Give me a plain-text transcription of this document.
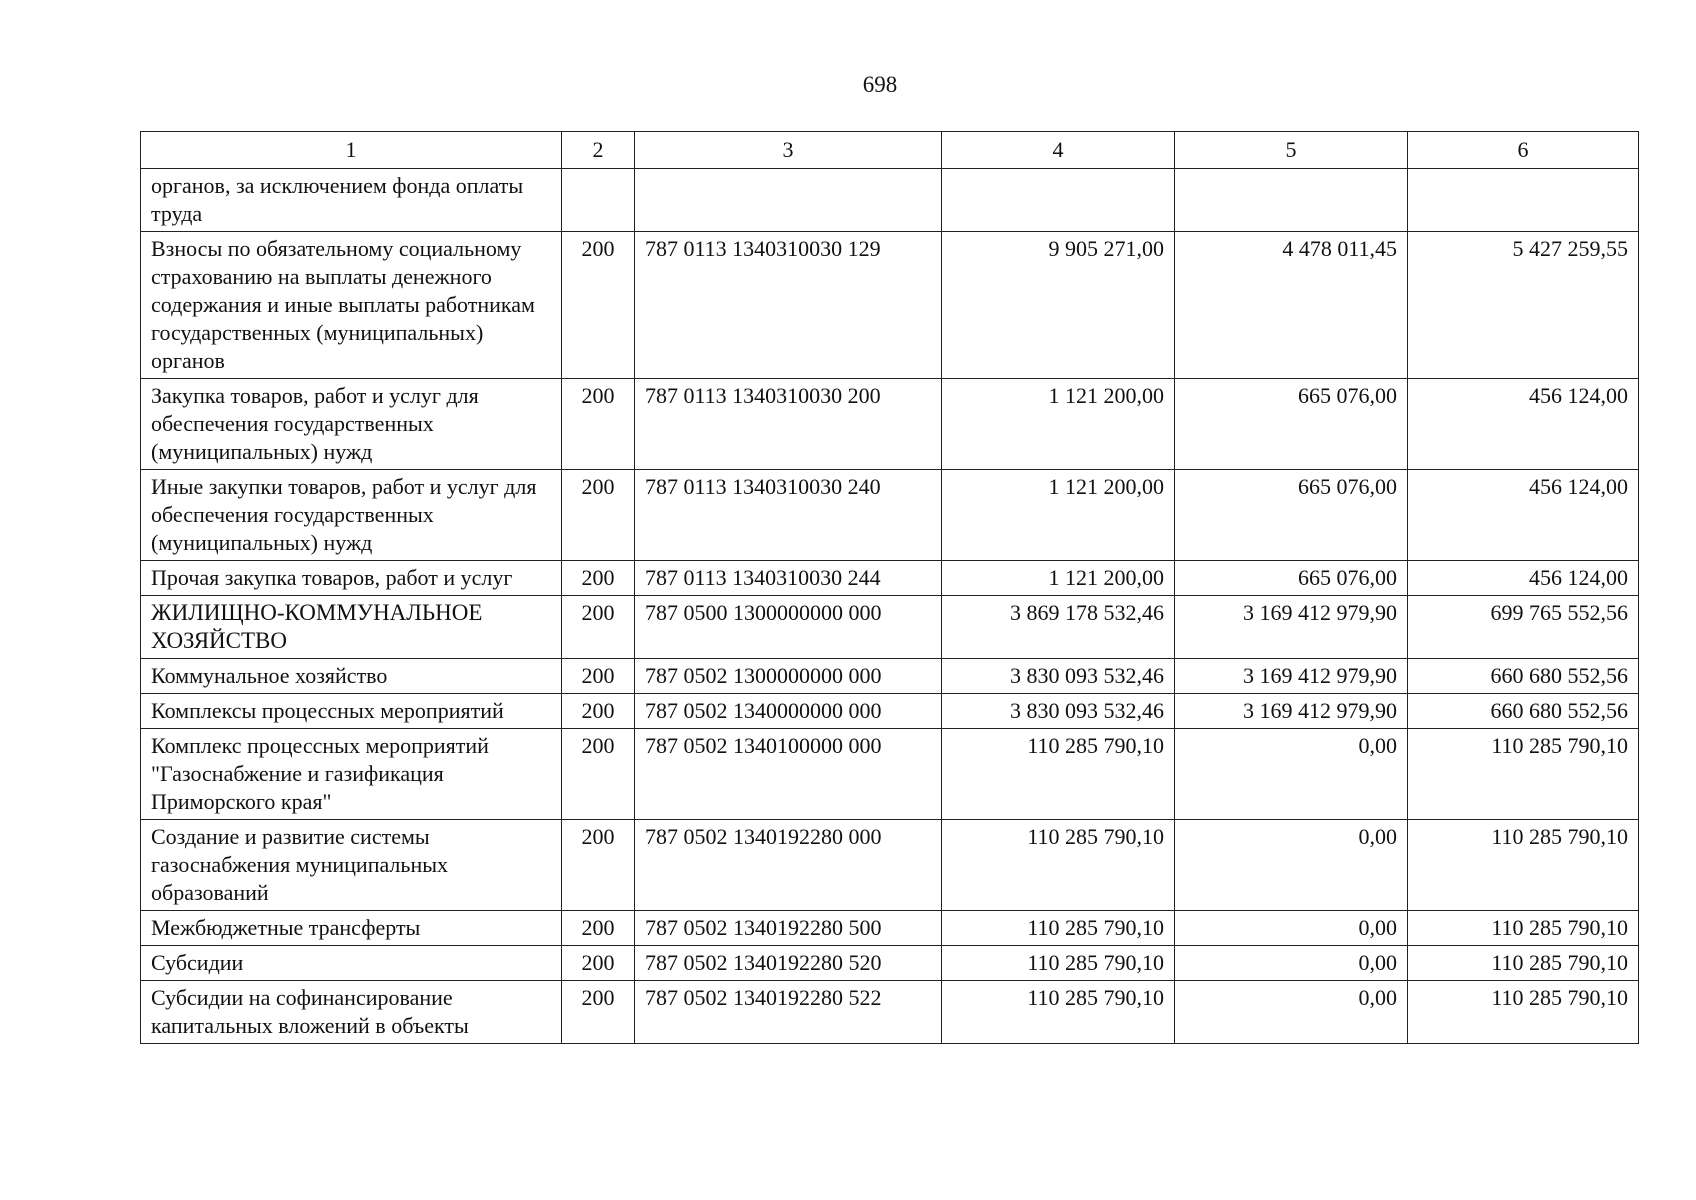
698
1	2	3	4	5	6
органов, за исключением фонда оплаты труда					
Взносы по обязательному социальному страхованию на выплаты денежного содержания и иные выплаты работникам государственных (муниципальных) органов	200	787 0113 1340310030 129	9 905 271,00	4 478 011,45	5 427 259,55
Закупка товаров, работ и услуг для обеспечения государственных (муниципальных) нужд	200	787 0113 1340310030 200	1 121 200,00	665 076,00	456 124,00
Иные закупки товаров, работ и услуг для обеспечения государственных (муниципальных) нужд	200	787 0113 1340310030 240	1 121 200,00	665 076,00	456 124,00
Прочая закупка товаров, работ и услуг	200	787 0113 1340310030 244	1 121 200,00	665 076,00	456 124,00
ЖИЛИЩНО-КОММУНАЛЬНОЕ ХОЗЯЙСТВО	200	787 0500 1300000000 000	3 869 178 532,46	3 169 412 979,90	699 765 552,56
Коммунальное хозяйство	200	787 0502 1300000000 000	3 830 093 532,46	3 169 412 979,90	660 680 552,56
Комплексы процессных мероприятий	200	787 0502 1340000000 000	3 830 093 532,46	3 169 412 979,90	660 680 552,56
Комплекс процессных мероприятий "Газоснабжение и газификация Приморского края"	200	787 0502 1340100000 000	110 285 790,10	0,00	110 285 790,10
Создание и развитие системы газоснабжения муниципальных образований	200	787 0502 1340192280 000	110 285 790,10	0,00	110 285 790,10
Межбюджетные трансферты	200	787 0502 1340192280 500	110 285 790,10	0,00	110 285 790,10
Субсидии	200	787 0502 1340192280 520	110 285 790,10	0,00	110 285 790,10
Субсидии на софинансирование капитальных вложений в объекты	200	787 0502 1340192280 522	110 285 790,10	0,00	110 285 790,10
